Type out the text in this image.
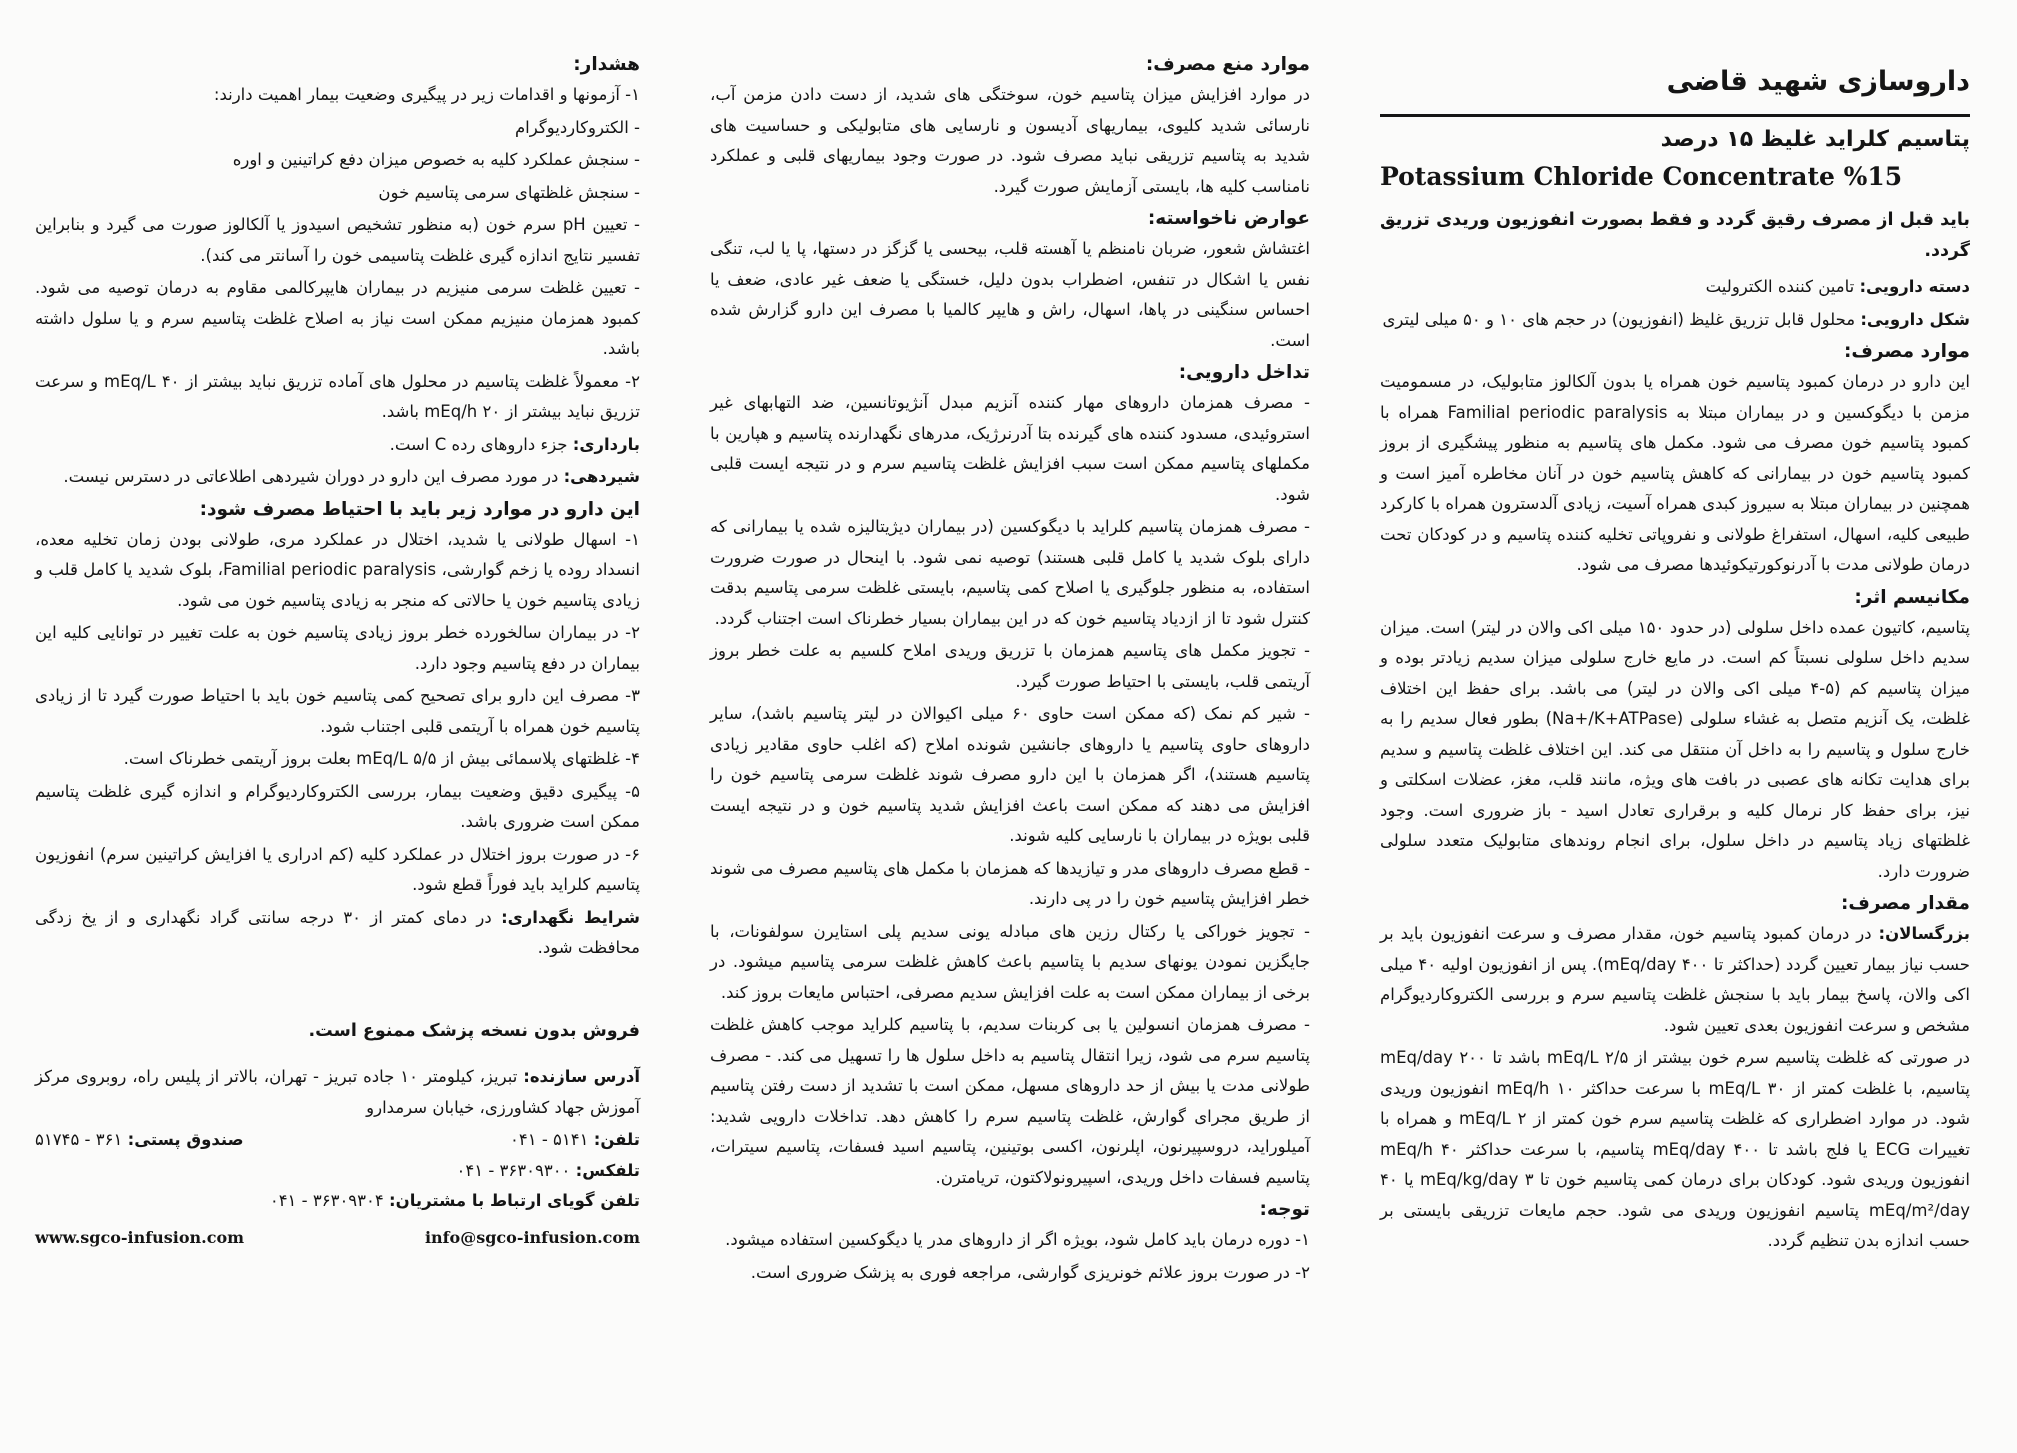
داروسازی شهید قاضی
پتاسیم کلراید غلیظ ۱۵ درصد
Potassium Chloride Concentrate %15

باید قبل از مصرف رقیق گردد و فقط بصورت انفوزیون وریدی تزریق گردد.

دسته دارویی: تامین کننده الکترولیت

شکل دارویی: محلول قابل تزریق غلیظ (انفوزیون) در حجم های ۱۰ و ۵۰ میلی لیتری

موارد مصرف:

این دارو در درمان کمبود پتاسیم خون همراه یا بدون آلکالوز متابولیک، در مسمومیت مزمن با دیگوکسین و در بیماران مبتلا به Familial periodic paralysis همراه با کمبود پتاسیم خون مصرف می شود. مکمل های پتاسیم به منظور پیشگیری از بروز کمبود پتاسیم خون در بیمارانی که کاهش پتاسیم خون در آنان مخاطره آمیز است و همچنین در بیماران مبتلا به سیروز کبدی همراه آسیت، زیادی آلدسترون همراه با کارکرد طبیعی کلیه، اسهال، استفراغ طولانی و نفروپاتی تخلیه کننده پتاسیم و در کودکان تحت درمان طولانی مدت با آدرنوکورتیکوئیدها مصرف می شود.

مکانیسم اثر:

پتاسیم، کاتیون عمده داخل سلولی (در حدود ۱۵۰ میلی اکی والان در لیتر) است. میزان سدیم داخل سلولی نسبتاً کم است. در مایع خارج سلولی میزان سدیم زیادتر بوده و میزان پتاسیم کم (۵-۴ میلی اکی والان در لیتر) می باشد. برای حفظ این اختلاف غلظت، یک آنزیم متصل به غشاء سلولی (Na+/K+ATPase) بطور فعال سدیم را به خارج سلول و پتاسیم را به داخل آن منتقل می کند. این اختلاف غلظت پتاسیم و سدیم برای هدایت تکانه های عصبی در بافت های ویژه، مانند قلب، مغز، عضلات اسکلتی و نیز، برای حفظ کار نرمال کلیه و برقراری تعادل اسید - باز ضروری است. وجود غلظتهای زیاد پتاسیم در داخل سلول، برای انجام روندهای متابولیک متعدد سلولی ضرورت دارد.

مقدار مصرف:

بزرگسالان: در درمان کمبود پتاسیم خون، مقدار مصرف و سرعت انفوزیون باید بر حسب نیاز بیمار تعیین گردد (حداکثر تا ۴۰۰ mEq/day). پس از انفوزیون اولیه ۴۰ میلی اکی والان، پاسخ بیمار باید با سنجش غلظت پتاسیم سرم و بررسی الکتروکاردیوگرام مشخص و سرعت انفوزیون بعدی تعیین شود.

در صورتی که غلظت پتاسیم سرم خون بیشتر از ۲/۵ mEq/L باشد تا ۲۰۰ mEq/day پتاسیم، با غلظت کمتر از ۳۰ mEq/L با سرعت حداکثر ۱۰ mEq/h انفوزیون وریدی شود. در موارد اضطراری که غلظت پتاسیم سرم خون کمتر از ۲ mEq/L و همراه با تغییرات ECG یا فلج باشد تا ۴۰۰ mEq/day پتاسیم، با سرعت حداکثر ۴۰ mEq/h انفوزیون وریدی شود. کودکان برای درمان کمی پتاسیم خون تا ۳ mEq/kg/day یا ۴۰ mEq/m²/day پتاسیم انفوزیون وریدی می شود. حجم مایعات تزریقی بایستی بر حسب اندازه بدن تنظیم گردد.

موارد منع مصرف:

در موارد افزایش میزان پتاسیم خون، سوختگی های شدید، از دست دادن مزمن آب، نارسائی شدید کلیوی، بیماریهای آدیسون و نارسایی های متابولیکی و حساسیت های شدید به پتاسیم تزریقی نباید مصرف شود. در صورت وجود بیماریهای قلبی و عملکرد نامناسب کلیه ها، بایستی آزمایش صورت گیرد.

عوارض ناخواسته:

اغتشاش شعور، ضربان نامنظم یا آهسته قلب، بیحسی یا گزگز در دستها، پا یا لب، تنگی نفس یا اشکال در تنفس، اضطراب بدون دلیل، خستگی یا ضعف غیر عادی، ضعف یا احساس سنگینی در پاها، اسهال، راش و هایپر کالمیا با مصرف این دارو گزارش شده است.

تداخل دارویی:

- مصرف همزمان داروهای مهار کننده آنزیم مبدل آنژیوتانسین، ضد التهابهای غیر استروئیدی، مسدود کننده های گیرنده بتا آدرنرژیک، مدرهای نگهدارنده پتاسیم و هپارین با مکملهای پتاسیم ممکن است سبب افزایش غلظت پتاسیم سرم و در نتیجه ایست قلبی شود.

- مصرف همزمان پتاسیم کلراید با دیگوکسین (در بیماران دیژیتالیزه شده یا بیمارانی که دارای بلوک شدید یا کامل قلبی هستند) توصیه نمی شود. با اینحال در صورت ضرورت استفاده، به منظور جلوگیری یا اصلاح کمی پتاسیم، بایستی غلظت سرمی پتاسیم بدقت کنترل شود تا از ازدیاد پتاسیم خون که در این بیماران بسیار خطرناک است اجتناب گردد.

- تجویز مکمل های پتاسیم همزمان با تزریق وریدی املاح کلسیم به علت خطر بروز آریتمی قلب، بایستی با احتیاط صورت گیرد.

- شیر کم نمک (که ممکن است حاوی ۶۰ میلی اکیوالان در لیتر پتاسیم باشد)، سایر داروهای حاوی پتاسیم یا داروهای جانشین شونده املاح (که اغلب حاوی مقادیر زیادی پتاسیم هستند)، اگر همزمان با این دارو مصرف شوند غلظت سرمی پتاسیم خون را افزایش می دهند که ممکن است باعث افزایش شدید پتاسیم خون و در نتیجه ایست قلبی بویژه در بیماران با نارسایی کلیه شوند.

- قطع مصرف داروهای مدر و تیازیدها که همزمان با مکمل های پتاسیم مصرف می شوند خطر افزایش پتاسیم خون را در پی دارند.

- تجویز خوراکی یا رکتال رزین های مبادله یونی سدیم پلی استایرن سولفونات، با جایگزین نمودن یونهای سدیم با پتاسیم باعث کاهش غلظت سرمی پتاسیم میشود. در برخی از بیماران ممکن است به علت افزایش سدیم مصرفی، احتباس مایعات بروز کند.

- مصرف همزمان انسولین یا بی کربنات سدیم، با پتاسیم کلراید موجب کاهش غلظت پتاسیم سرم می شود، زیرا انتقال پتاسیم به داخل سلول ها را تسهیل می کند. - مصرف طولانی مدت یا بیش از حد داروهای مسهل، ممکن است با تشدید از دست رفتن پتاسیم از طریق مجرای گوارش، غلظت پتاسیم سرم را کاهش دهد. تداخلات دارویی شدید: آمیلوراید، دروسپیرنون، اپلرنون، اکسی بوتینین، پتاسیم اسید فسفات، پتاسیم سیترات، پتاسیم فسفات داخل وریدی، اسپیرونولاکتون، تریامترن.

توجه:

۱- دوره درمان باید کامل شود، بویژه اگر از داروهای مدر یا دیگوکسین استفاده میشود.

۲- در صورت بروز علائم خونریزی گوارشی، مراجعه فوری به پزشک ضروری است.

هشدار:

۱- آزمونها و اقدامات زیر در پیگیری وضعیت بیمار اهمیت دارند:

- الکتروکاردیوگرام

- سنجش عملکرد کلیه به خصوص میزان دفع کراتینین و اوره

- سنجش غلظتهای سرمی پتاسیم خون

- تعیین pH سرم خون (به منظور تشخیص اسیدوز یا آلکالوز صورت می گیرد و بنابراین تفسیر نتایج اندازه گیری غلظت پتاسیمی خون را آسانتر می کند).

- تعیین غلظت سرمی منیزیم در بیماران هایپرکالمی مقاوم به درمان توصیه می شود. کمبود همزمان منیزیم ممکن است نیاز به اصلاح غلظت پتاسیم سرم و یا سلول داشته باشد.

۲- معمولاً غلظت پتاسیم در محلول های آماده تزریق نباید بیشتر از ۴۰ mEq/L و سرعت تزریق نباید بیشتر از ۲۰ mEq/h باشد.

بارداری: جزء داروهای رده C است.

شیردهی: در مورد مصرف این دارو در دوران شیردهی اطلاعاتی در دسترس نیست.

این دارو در موارد زیر باید با احتیاط مصرف شود:

۱- اسهال طولانی یا شدید، اختلال در عملکرد مری، طولانی بودن زمان تخلیه معده، انسداد روده یا زخم گوارشی، Familial periodic paralysis، بلوک شدید یا کامل قلب و زیادی پتاسیم خون یا حالاتی که منجر به زیادی پتاسیم خون می شود.

۲- در بیماران سالخورده خطر بروز زیادی پتاسیم خون به علت تغییر در توانایی کلیه این بیماران در دفع پتاسیم وجود دارد.

۳- مصرف این دارو برای تصحیح کمی پتاسیم خون باید با احتیاط صورت گیرد تا از زیادی پتاسیم خون همراه با آریتمی قلبی اجتناب شود.

۴- غلظتهای پلاسمائی بیش از ۵/۵ mEq/L بعلت بروز آریتمی خطرناک است.

۵- پیگیری دقیق وضعیت بیمار، بررسی الکتروکاردیوگرام و اندازه گیری غلظت پتاسیم ممکن است ضروری باشد.

۶- در صورت بروز اختلال در عملکرد کلیه (کم ادراری یا افزایش کراتینین سرم) انفوزیون پتاسیم کلراید باید فوراً قطع شود.

شرایط نگهداری: در دمای کمتر از ۳۰ درجه سانتی گراد نگهداری و از یخ زدگی محافظت شود.

فروش بدون نسخه پزشک ممنوع است.

آدرس سازنده: تبریز، کیلومتر ۱۰ جاده تبریز - تهران، بالاتر از پلیس راه، روبروی مرکز آموزش جهاد کشاورزی، خیابان سرمدارو

تلفن: ۰۴۱ - ۵۱۴۱
صندوق پستی: ۵۱۷۴۵ - ۳۶۱
تلفکس: ۰۴۱ - ۳۶۳۰۹۳۰۰

تلفن گویای ارتباط با مشتریان: ۰۴۱ - ۳۶۳۰۹۳۰۴

www.sgco-infusion.com	info@sgco-infusion.com
